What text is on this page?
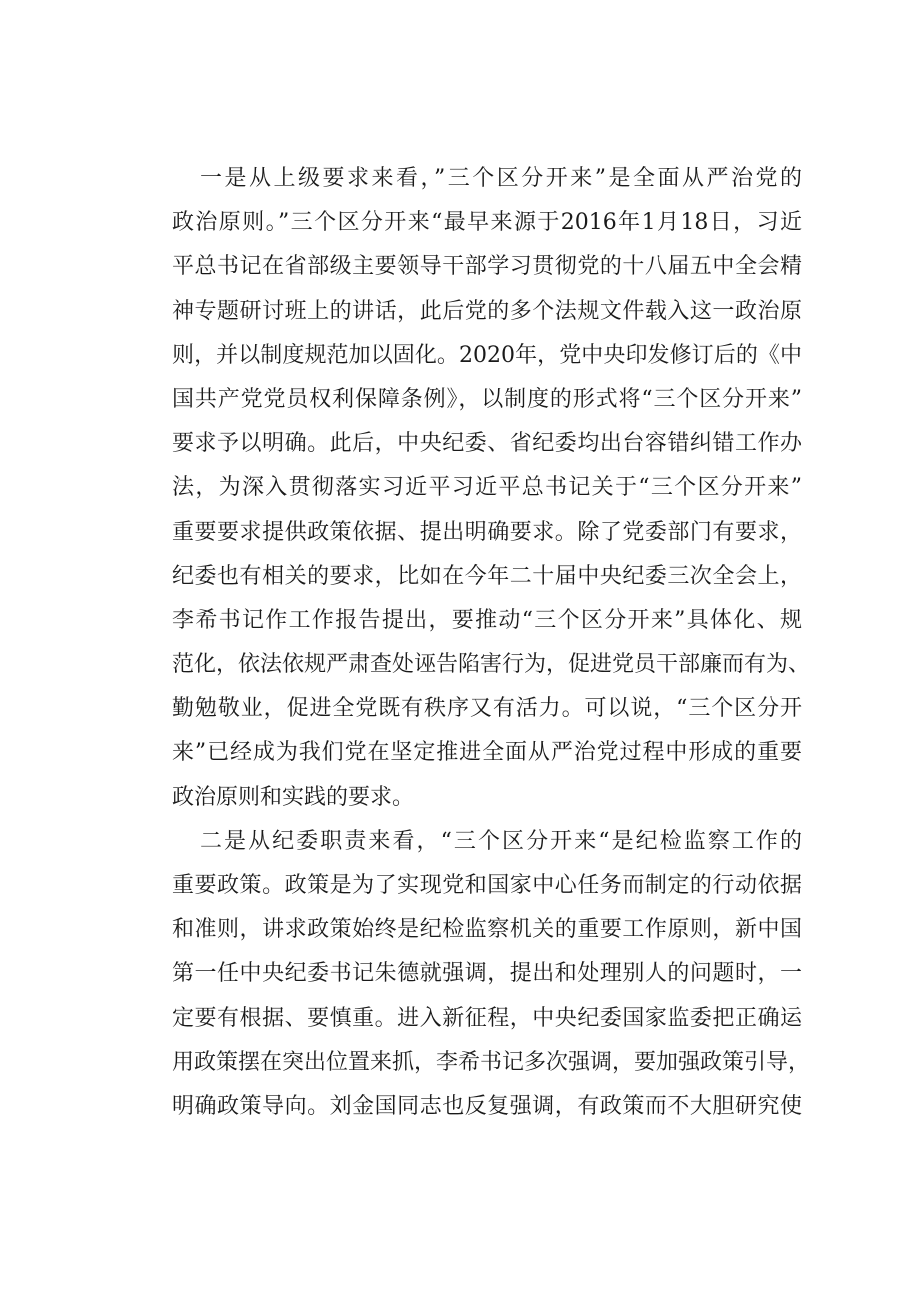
一是从上级要求来看，”三个区分开来”是全面从严治党的
政治原则。”三个区分开来“最早来源于2016年1月18日，习近
平总书记在省部级主要领导干部学习贯彻党的十八届五中全会精
神专题研讨班上的讲话，此后党的多个法规文件载入这一政治原
则，并以制度规范加以固化。2020年，党中央印发修订后的《中
国共产党党员权利保障条例》，以制度的形式将“三个区分开来”
要求予以明确。此后，中央纪委、省纪委均出台容错纠错工作办
法，为深入贯彻落实习近平习近平总书记关于“三个区分开来”
重要要求提供政策依据、提出明确要求。除了党委部门有要求，
纪委也有相关的要求，比如在今年二十届中央纪委三次全会上，
李希书记作工作报告提出，要推动“三个区分开来”具体化、规
范化，依法依规严肃查处诬告陷害行为，促进党员干部廉而有为、
勤勉敬业，促进全党既有秩序又有活力。可以说，“三个区分开
来”已经成为我们党在坚定推进全面从严治党过程中形成的重要
政治原则和实践的要求。
二是从纪委职责来看，“三个区分开来“是纪检监察工作的
重要政策。政策是为了实现党和国家中心任务而制定的行动依据
和准则，讲求政策始终是纪检监察机关的重要工作原则，新中国
第一任中央纪委书记朱德就强调，提出和处理别人的问题时，一
定要有根据、要慎重。进入新征程，中央纪委国家监委把正确运
用政策摆在突出位置来抓，李希书记多次强调，要加强政策引导，
明确政策导向。刘金国同志也反复强调，有政策而不大胆研究使
